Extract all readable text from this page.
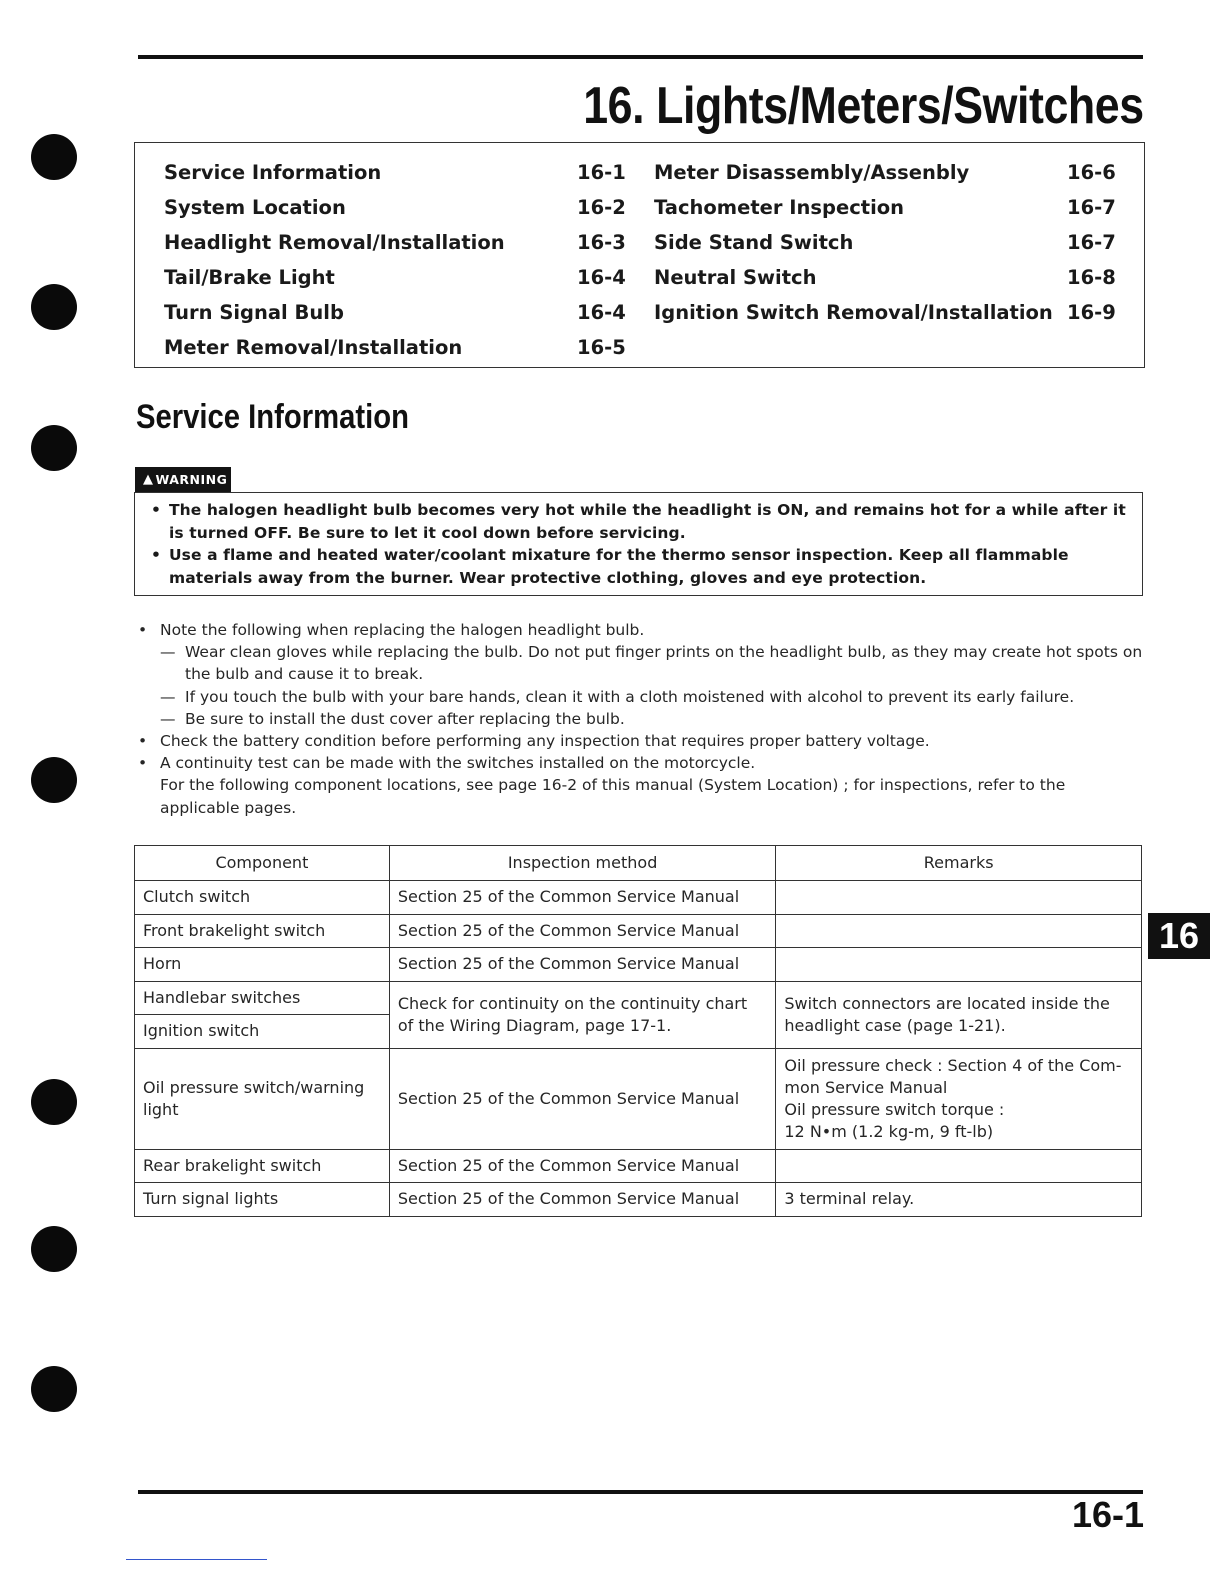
16. Lights/Meters/Switches
Service Information	16-1
System Location	16-2
Headlight Removal/Installation	16-3
Tail/Brake Light	16-4
Turn Signal Bulb	16-4
Meter Removal/Installation	16-5
Meter Disassembly/Assenbly	16-6
Tachometer Inspection	16-7
Side Stand Switch	16-7
Neutral Switch	16-8
Ignition Switch Removal/Installation 16-9
Service Information
▲ WARNING
• The halogen headlight bulb becomes very hot while the headlight is ON, and remains hot for a while after it is turned OFF. Be sure to let it cool down before servicing.
• Use a flame and heated water/coolant mixature for the thermo sensor inspection. Keep all flammable materials away from the burner. Wear protective clothing, gloves and eye protection.
• Note the following when replacing the halogen headlight bulb.
— Wear clean gloves while replacing the bulb. Do not put finger prints on the headlight bulb, as they may create hot spots on the bulb and cause it to break.
— If you touch the bulb with your bare hands, clean it with a cloth moistened with alcohol to prevent its early failure.
— Be sure to install the dust cover after replacing the bulb.
• Check the battery condition before performing any inspection that requires proper battery voltage.
• A continuity test can be made with the switches installed on the motorcycle.
For the following component locations, see page 16-2 of this manual (System Location) ; for inspections, refer to the applicable pages.
Component	Inspection method	Remarks
Clutch switch	Section 25 of the Common Service Manual	
Front brakelight switch	Section 25 of the Common Service Manual	
Horn	Section 25 of the Common Service Manual	
Handlebar switches	Check for continuity on the continuity chart of the Wiring Diagram, page 17-1.	Switch connectors are located inside the headlight case (page 1-21).
Ignition switch		
Oil pressure switch/warning light	Section 25 of the Common Service Manual	Oil pressure check : Section 4 of the Com-mon Service Manual
Oil pressure switch torque :
12 N•m (1.2 kg-m, 9 ft-lb)

Rear brakelight switch	Section 25 of the Common Service Manual	
Turn signal lights	Section 25 of the Common Service Manual	3 terminal relay.
16
16-1
